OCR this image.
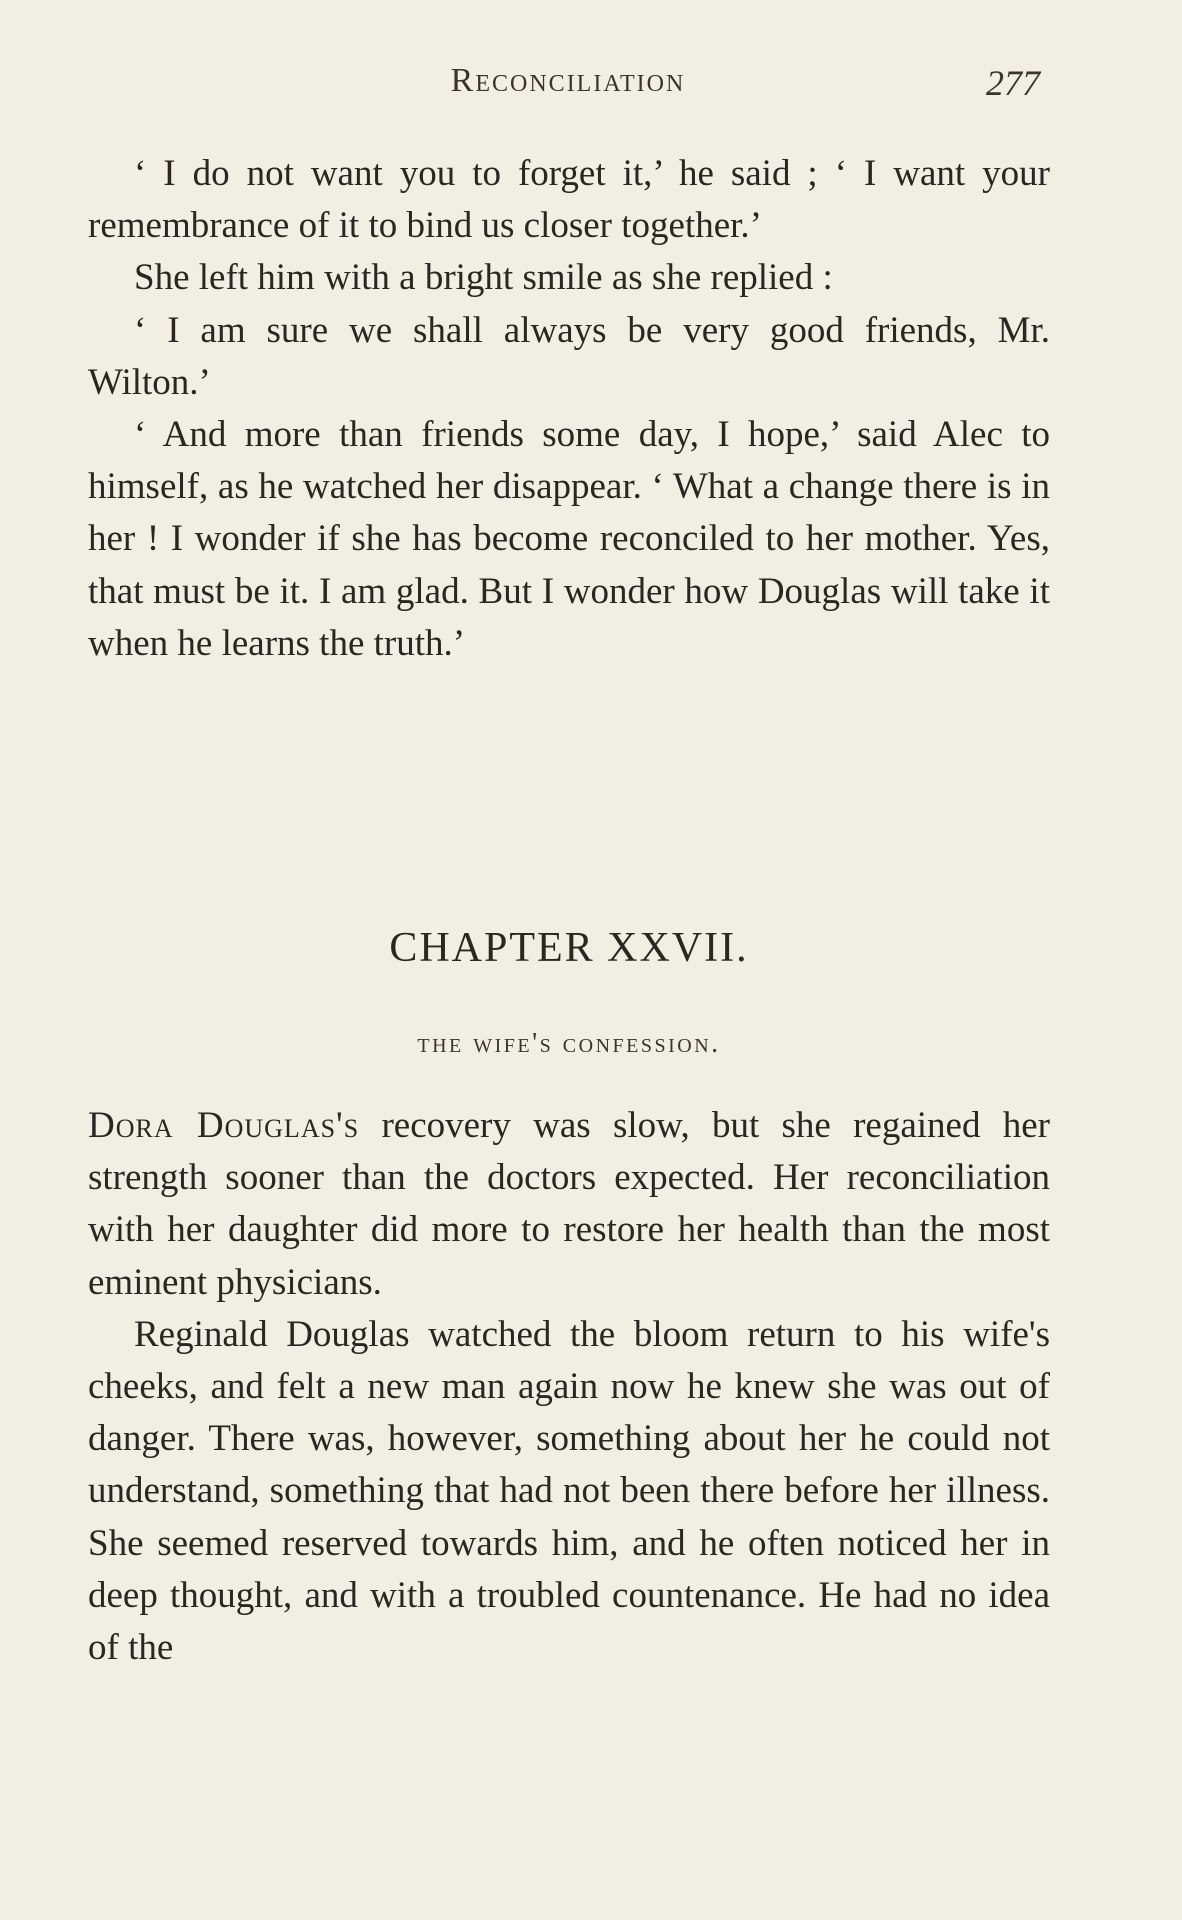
Reconciliation	277

‘ I do not want you to forget it,’ he said ; ‘ I want your remembrance of it to bind us closer together.’

She left him with a bright smile as she replied :

‘ I am sure we shall always be very good friends, Mr. Wilton.’

‘ And more than friends some day, I hope,’ said Alec to himself, as he watched her disappear. ‘ What a change there is in her ! I wonder if she has become reconciled to her mother. Yes, that must be it. I am glad. But I wonder how Douglas will take it when he learns the truth.’

CHAPTER XXVII.
the wife's confession.

Dora Douglas's recovery was slow, but she regained her strength sooner than the doctors expected. Her reconciliation with her daughter did more to restore her health than the most eminent physicians.

Reginald Douglas watched the bloom return to his wife's cheeks, and felt a new man again now he knew she was out of danger. There was, however, something about her he could not understand, something that had not been there before her illness. She seemed reserved towards him, and he often noticed her in deep thought, and with a troubled countenance. He had no idea of the
